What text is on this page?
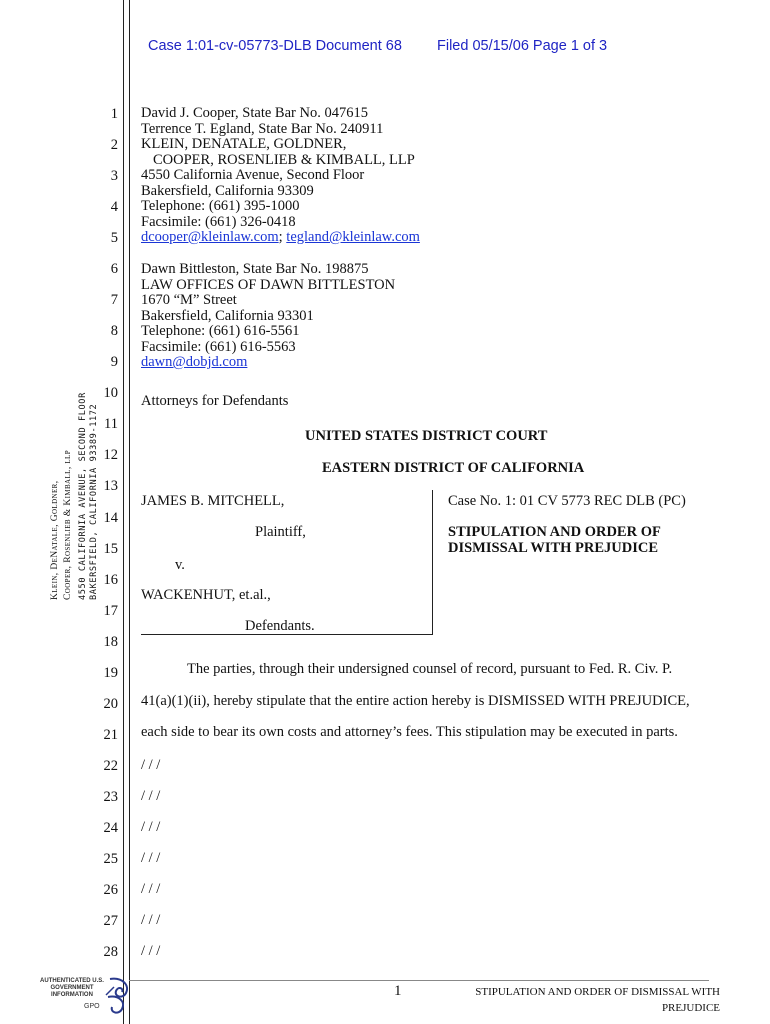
Case 1:01-cv-05773-DLB Document 68 Filed 05/15/06 Page 1 of 3
1
2
3
4
5
6
7
8
9
10
11
12
13
14
15
16
17
18
19
20
21
22
23
24
25
26
27
28
Klein, DeNatale, Goldner, Cooper, Rosenlieb & Kimball, llp 4550 CALIFORNIA AVENUE, SECOND FLOOR BAKERSFIELD, CALIFORNIA 93389-1172
David J. Cooper, State Bar No. 047615
Terrence T. Egland, State Bar No. 240911
KLEIN, DENATALE, GOLDNER,
COOPER, ROSENLIEB & KIMBALL, LLP
4550 California Avenue, Second Floor
Bakersfield, California 93309
Telephone: (661) 395-1000
Facsimile: (661) 326-0418
dcooper@kleinlaw.com; tegland@kleinlaw.com
Dawn Bittleston, State Bar No. 198875
LAW OFFICES OF DAWN BITTLESTON
1670 “M” Street
Bakersfield, California 93301
Telephone: (661) 616-5561
Facsimile: (661) 616-5563
dawn@dobjd.com
Attorneys for Defendants
UNITED STATES DISTRICT COURT
EASTERN DISTRICT OF CALIFORNIA
JAMES B. MITCHELL,
Plaintiff,
v.
WACKENHUT, et.al.,
Defendants.
Case No. 1: 01 CV 5773 REC DLB (PC)
STIPULATION AND ORDER OF
DISMISSAL WITH PREJUDICE
The parties, through their undersigned counsel of record, pursuant to Fed. R. Civ. P.
41(a)(1)(ii), hereby stipulate that the entire action hereby is DISMISSED WITH PREJUDICE,
each side to bear its own costs and attorney’s fees. This stipulation may be executed in parts.
/ / /
/ / /
/ / /
/ / /
/ / /
/ / /
/ / /
1	STIPULATION AND ORDER OF DISMISSAL WITH PREJUDICE
AUTHENTICATED U.S. GOVERNMENT INFORMATION
GPO
